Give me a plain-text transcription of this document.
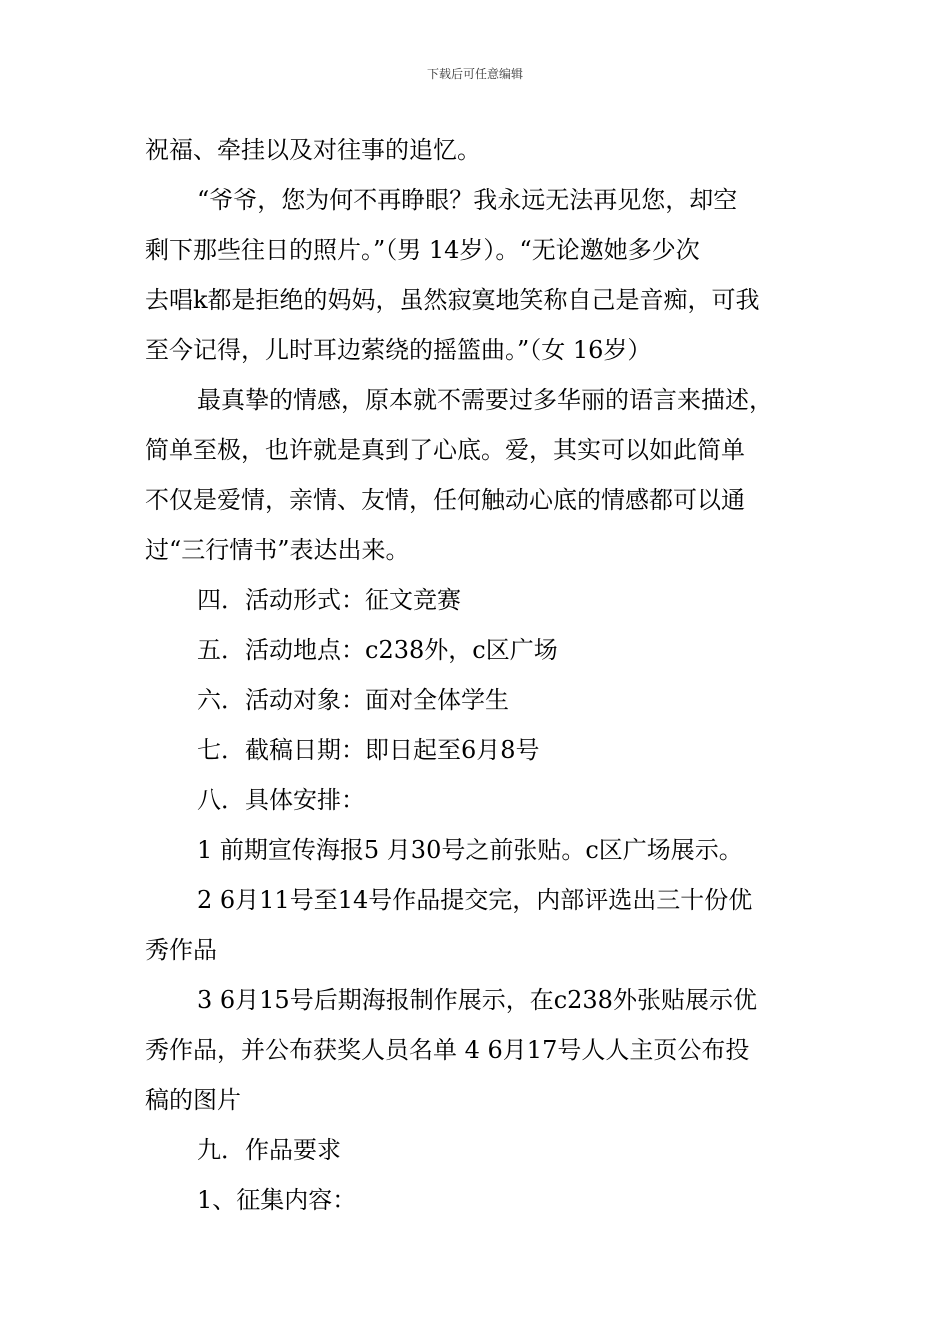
下载后可任意编辑
祝福、牵挂以及对往事的追忆。
“爷爷，您为何不再睁眼？我永远无法再见您，却空
剩下那些往日的照片。”（男 14岁）。“无论邀她多少次
去唱k都是拒绝的妈妈，虽然寂寞地笑称自己是音痴，可我
至今记得，儿时耳边萦绕的摇篮曲。”（女 16岁）
最真挚的情感，原本就不需要过多华丽的语言来描述，
简单至极，也许就是真到了心底。爱，其实可以如此简单
不仅是爱情，亲情、友情，任何触动心底的情感都可以通
过“三行情书”表达出来。
四．活动形式：征文竞赛
五．活动地点：c238外，c区广场
六．活动对象：面对全体学生
七．截稿日期：即日起至6月8号
八．具体安排：
1 前期宣传海报5 月30号之前张贴。c区广场展示。
2 6月11号至14号作品提交完，内部评选出三十份优
秀作品
3 6月15号后期海报制作展示，在c238外张贴展示优
秀作品，并公布获奖人员名单 4 6月17号人人主页公布投
稿的图片
九．作品要求
1、征集内容：
